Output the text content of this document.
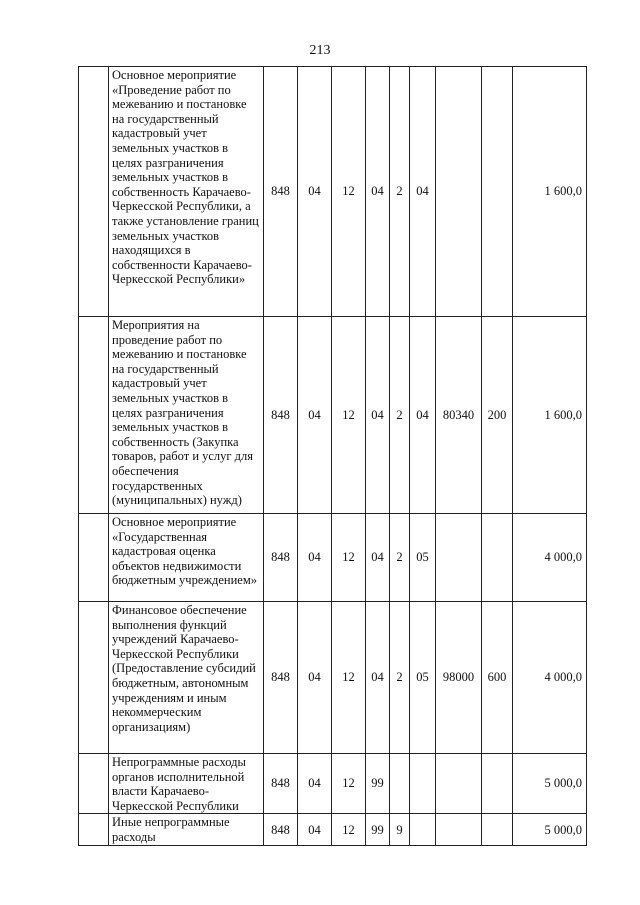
213
	Основное мероприятие «Проведение работ по межеванию и постановке на государственный кадастровый учет земельных участков в целях разграничения земельных участков в собственность Карачаево-Черкесской Республики, а также установление границ земельных участков находящихся в собственности Карачаево-Черкесской Республики»	848	04	12	04	2	04			1 600,0
	Мероприятия на проведение работ по межеванию и постановке на государственный кадастровый учет земельных участков в целях разграничения земельных участков в собственность (Закупка товаров, работ и услуг для обеспечения государственных (муниципальных) нужд)	848	04	12	04	2	04	80340	200	1 600,0
	Основное мероприятие «Государственная кадастровая оценка объектов недвижимости бюджетным учреждением»	848	04	12	04	2	05			4 000,0
	Финансовое обеспечение выполнения функций учреждений Карачаево-Черкесской Республики (Предоставление субсидий бюджетным, автономным учреждениям и иным некоммерческим организациям)	848	04	12	04	2	05	98000	600	4 000,0
	Непрограммные расходы органов исполнительной власти Карачаево-Черкесской Республики	848	04	12	99					5 000,0
	Иные непрограммные расходы	848	04	12	99	9				5 000,0
